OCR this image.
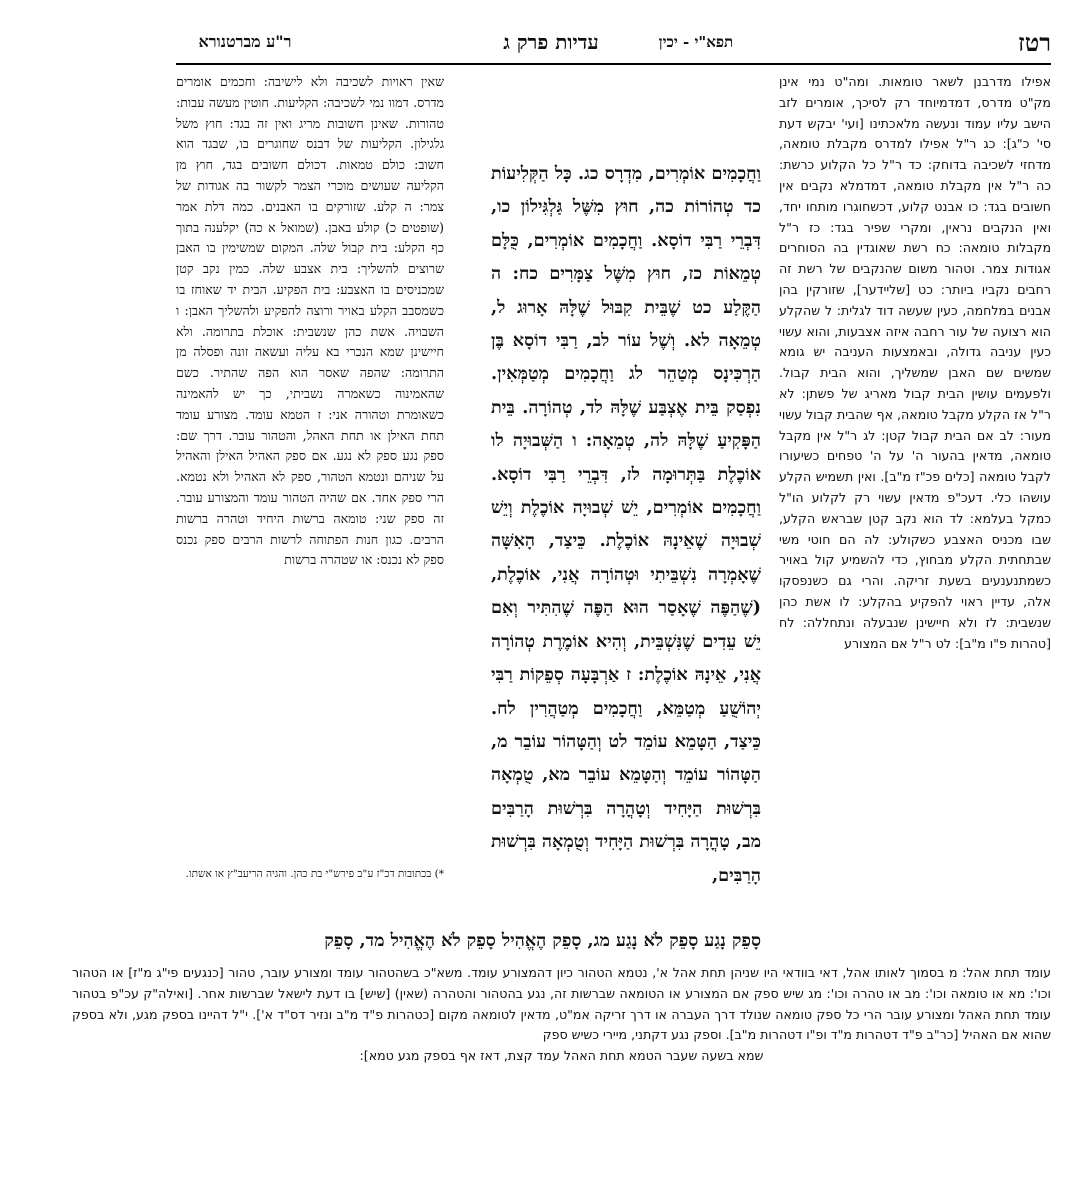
רטז
תפא"י - יכין
עדיות פרק ג
ר"ע מברטנורא
אפילו מדרבנן לשאר טומאות. ומה"ט נמי אינן מק"ט מדרס, דמדמיוחד רק לסיכך, אומרים לזב הישב עליו עמוד ונעשה מלאכתינו [ועי' יבקש דעת סי' כ"ג]: כג ר"ל אפילו למדרס מקבלת טומאה, מדחזי לשכיבה בדוחק: כד ר"ל כל הקלוע כרשת: כה ר"ל אין מקבלת טומאה, דמדמלא נקבים אין חשובים בגד: כו אבנט קלוע, דכשחוגרו מותחו יחד, ואין הנקבים נראין, ומקרי שפיר בגד: כז ר"ל מקבלות טומאה: כח רשת שאוגדין בה הסוחרים אגודות צמר. וטהור משום שהנקבים של רשת זה רחבים נקביו ביותר: כט [שליידער], שזורקין בהן אבנים במלחמה, כעין שעשה דוד לגלית: ל שהקלע הוא רצועה של עור רחבה איזה אצבעות, והוא עשוי כעין עניבה גדולה, ובאמצעות העניבה יש גומא שמשים שם האבן שמשליך, והוא הבית קבול. ולפעמים עושין הבית קבול מאריג של פשתן: לא ר"ל אז הקלע מקבל טומאה, אף שהבית קבול עשוי מעור: לב אם הבית קבול קטן: לג ר"ל אין מקבל טומאה, מדאין בהעור ה' על ה' טפחים כשיעורו לקבל טומאה [כלים פכ"ז מ"ב]. ואין תשמיש הקלע עושהו כלי. דעכ"פ מדאין עשוי רק לקלוע הו"ל כמקל בעלמא: לד הוא נקב קטן שבראש הקלע, שבו מכניס האצבע כשקולע: לה הם חוטי משי שבתחתית הקלע מבחוץ, כדי להשמיע קול באויר כשמתנענעים בשעת זריקה. והרי גם כשנפסקו אלה, עדיין ראוי להפקיע בהקלע: לו אשת כהן שנשבית: לז ולא חיישינן שנבעלה ונתחללה: לח [טהרות פ"ו מ"ב]: לט ר"ל אם המצורע
שאין ראויות לשכיבה ולא לישיבה: וחכמים אומרים מדרס. דמוו נמי לשכיבה: הקליעות. חוטין מעשה עבות: טהורות. שאינן חשובות מריג ואין זה בגד: חוץ משל גלגילון. הקליעות של דבנס שחוגרים בו, שבגד הוא חשוב: כולם טמאות. דכולם חשובים בגד, חוץ מן הקליעה שעושים מוכרי הצמר לקשור בה אגודות של צמר: ה קלע. שזורקים בו האבנים. כמה דלת אמר (שופטים כ) קולע באבן. (שמואל א כה) יקלענה בתוך כף הקלע: בית קבול שלה. המקום שמשימין בו האבן שרוצים להשליך: בית אצבע שלה. כמין נקב קטן שמכניסים בו האצבע: בית הפקיע. הבית יד שאוחז בו כשמסבב הקלע באויר ורוצה להפקיע ולהשליך האבן: ו השבויה. אשת כהן שנשבית: אוכלת בתרומה. ולא חיישינן שמא הנכרי בא עליה ועשאה זונה ופסלה מן התרומה: שהפה שאסר הוא הפה שהתיר. כשם שהאמינוה כשאמרה נשביתי, כך יש להאמינה כשאומרת וטהורה אני: ז הטמא עומד. מצורע עומד תחת האילן או תחת האהל, והטהור עובר. דרך שם: ספק נגע ספק לא נגע. אם ספק האהיל האילן והאהיל על שניהם ונטמא הטהור, ספק לא האהיל ולא נטמא. הרי ספק אחד. אם שהיה הטהור עומד והמצורע עובר. זה ספק שני: טומאה ברשות היחיד וטהרה ברשות הרבים. כגון חנות הפתוחה לרשות הרבים ספק נכנס ספק לא נכנס: או שטהרה ברשות
*) בכתובות דכ"ז ע"ב פירש"י בת כהן. והגיה הריעב"ץ או אשתו.
וַחֲכָמִים אוֹמְרִים, מִדְרָס כג. כָּל הַקְּלִיעוֹת כד טְהוֹרוֹת כה, חוּץ מִשֶּׁל גַּלְגִּילוֹן כו, דִּבְרֵי רַבִּי דוֹסָא. וַחֲכָמִים אוֹמְרִים, כֻּלָּם טְמֵאוֹת כז, חוּץ מִשֶּׁל צַמָּרִים כח: ה הַקֶּלַע כט שֶׁבֵּית קִבּוּל שֶׁלָּהּ אָרוּג ל, טְמֵאָה לא. וְשֶׁל עוֹר לב, רַבִּי דוֹסָא בֶּן הַרְכִּינָס מְטַהֵר לג וַחֲכָמִים מְטַמְּאִין. נִפְסַק בֵּית אֶצְבַּע שֶׁלָּהּ לד, טְהוֹרָה. בֵּית הַפָּקִיעַ שֶׁלָּהּ לה, טְמֵאָה: ו הַשְּׁבוּיָה לו אוֹכֶלֶת בַּתְּרוּמָה לז, דִּבְרֵי רַבִּי דוֹסָא. וַחֲכָמִים אוֹמְרִים, יֵשׁ שְׁבוּיָה אוֹכֶלֶת וְיֵשׁ שְׁבוּיָה שֶׁאֵינָהּ אוֹכֶלֶת. כֵּיצַד, הָאִשָּׁה שֶׁאָמְרָה נִשְׁבֵּיתִי וּטְהוֹרָה אֲנִי, אוֹכֶלֶת, (שֶׁהַפֶּה שֶׁאָסַר הוּא הַפֶּה שֶׁהִתִּיר וְאִם יֵשׁ עֵדִים שֶׁנִּשְׁבֵּית, וְהִיא אוֹמֶרֶת טְהוֹרָה אֲנִי, אֵינָהּ אוֹכֶלֶת: ז אַרְבָּעָה סְפֵקוֹת רַבִּי יְהוֹשֻׁעַ מְטַמֵּא, וַחֲכָמִים מְטַהֲרִין לח. כֵּיצַד, הַטָּמֵא עוֹמֵד לט וְהַטָּהוֹר עוֹבֵר מ, הַטָּהוֹר עוֹמֵד וְהַטָּמֵא עוֹבֵר מא, טֻמְאָה בִּרְשׁוּת הַיָּחִיד וְטָהֳרָה בִּרְשׁוּת הָרַבִּים מב, טָהֳרָה בִּרְשׁוּת הַיָּחִיד וְטֻמְאָה בִּרְשׁוּת הָרַבִּים,
סָפֵק נָגַע סָפֵק לֹא נָגַע מג, סָפֵק הֶאֱהִיל סָפֵק לֹא הֶאֱהִיל מד, סָפֵק
עומד תחת אהל: מ בסמוך לאותו אהל, דאי בוודאי היו שניהן תחת אהל א', נטמא הטהור כיון דהמצורע עומד. משא"כ בשהטהור עומד ומצורע עובר, טהור [כנגעים פי"ג מ"ז] או הטהור וכו': מא או טומאה וכו': מב או טהרה וכו': מג שיש ספק אם המצורע או הטומאה שברשות זה, נגע בהטהור והטהרה (שאין) [שיש] בו דעת לישאל שברשות אחר. [ואילה"ק עכ"פ בטהור עומד תחת האהל ומצורע עובר הרי כל ספק טומאה שנולד דרך העברה או דרך זריקה אמ"ט, מדאין לטומאה מקום [כטהרות פ"ד מ"ב ונזיר דס"ד א']. י"ל דהיינו בספק מגע, ולא בספק שהוא אם האהיל [כר"ב פ"ד דטהרות מ"ד ופ"ו דטהרות מ"ב]. וספק נגע דקתני, מיירי כשיש ספק
שמא בשעה שעבר הטמא תחת האהל עמד קצת, דאז אף בספק מגע טמא]:
